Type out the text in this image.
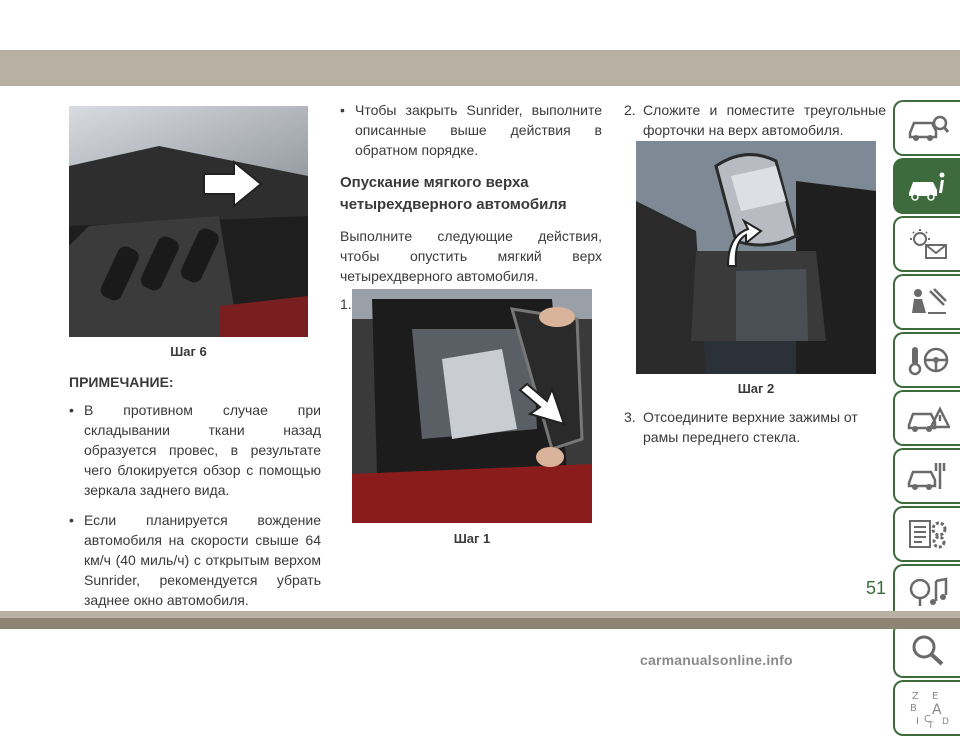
Шаг 6
ПРИМЕЧАНИЕ:
• В противном случае при складывании ткани назад образуется провес, в результате чего блокируется обзор с помощью зеркала заднего вида.
• Если планируется вождение автомобиля на скорости свыше 64 км/ч (40 миль/ч) с открытым верхом Sunrider, рекомендуется убрать заднее окно автомобиля.
• Чтобы закрыть Sunrider, выполните описанные выше действия в обратном порядке.
Опускание мягкого верха четырехдверного автомобиля
Выполните следующие действия, чтобы опустить мягкий верх четырехдверного автомобиля.
1.
Шаг 1
2. Сложите и поместите треугольные форточки на верх автомобиля.
Шаг 2
3. Отсоедините верхние зажимы от рамы переднего стекла.
Z E
B A
I C
T D
51
carmanualsonline.info
